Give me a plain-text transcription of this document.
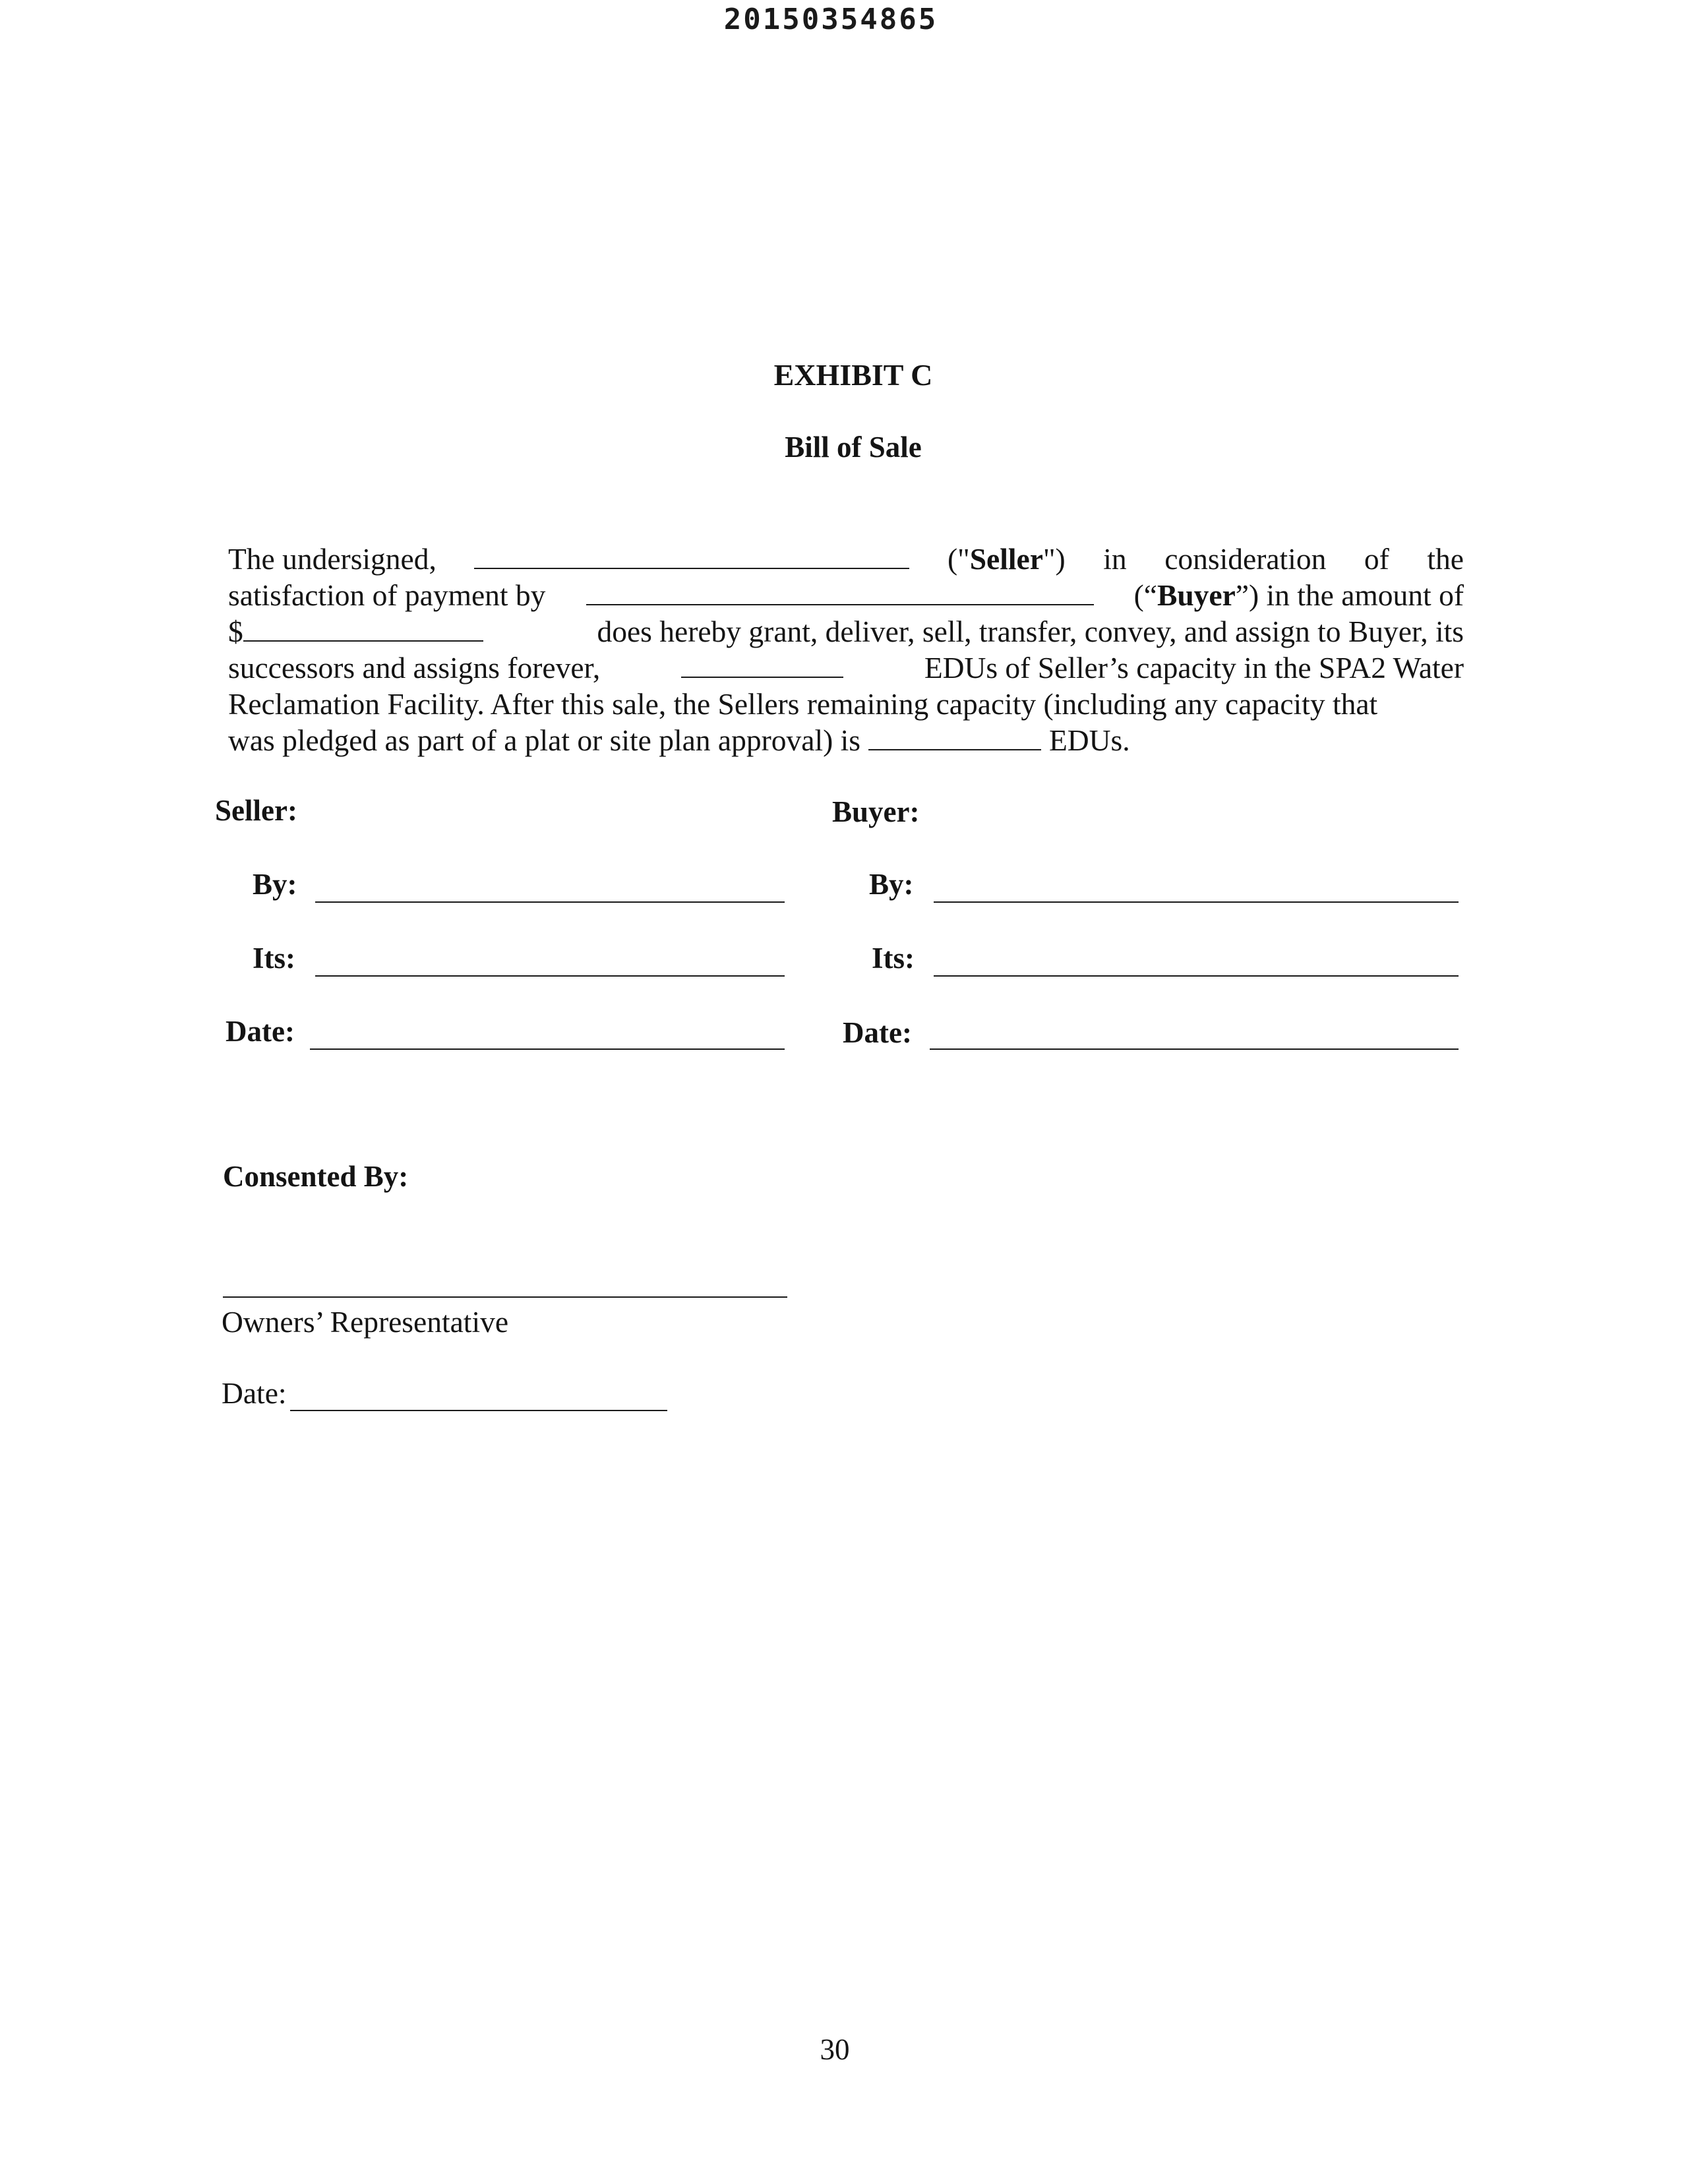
20150354865
EXHIBIT C
Bill of Sale
The undersigned,	("Seller") in consideration of the
satisfaction of payment by	(“Buyer”) in the amount of
$	does hereby grant, deliver, sell, transfer, convey, and assign to Buyer, its
successors and assigns forever,	EDUs of Seller’s capacity in the SPA2 Water
Reclamation Facility. After this sale, the Sellers remaining capacity (including any capacity that
was pledged as part of a plat or site plan approval) is	EDUs.
Seller:
By:
Its:
Date:
Buyer:
By:
Its:
Date:
Consented By:
Owners’ Representative
Date:
30
